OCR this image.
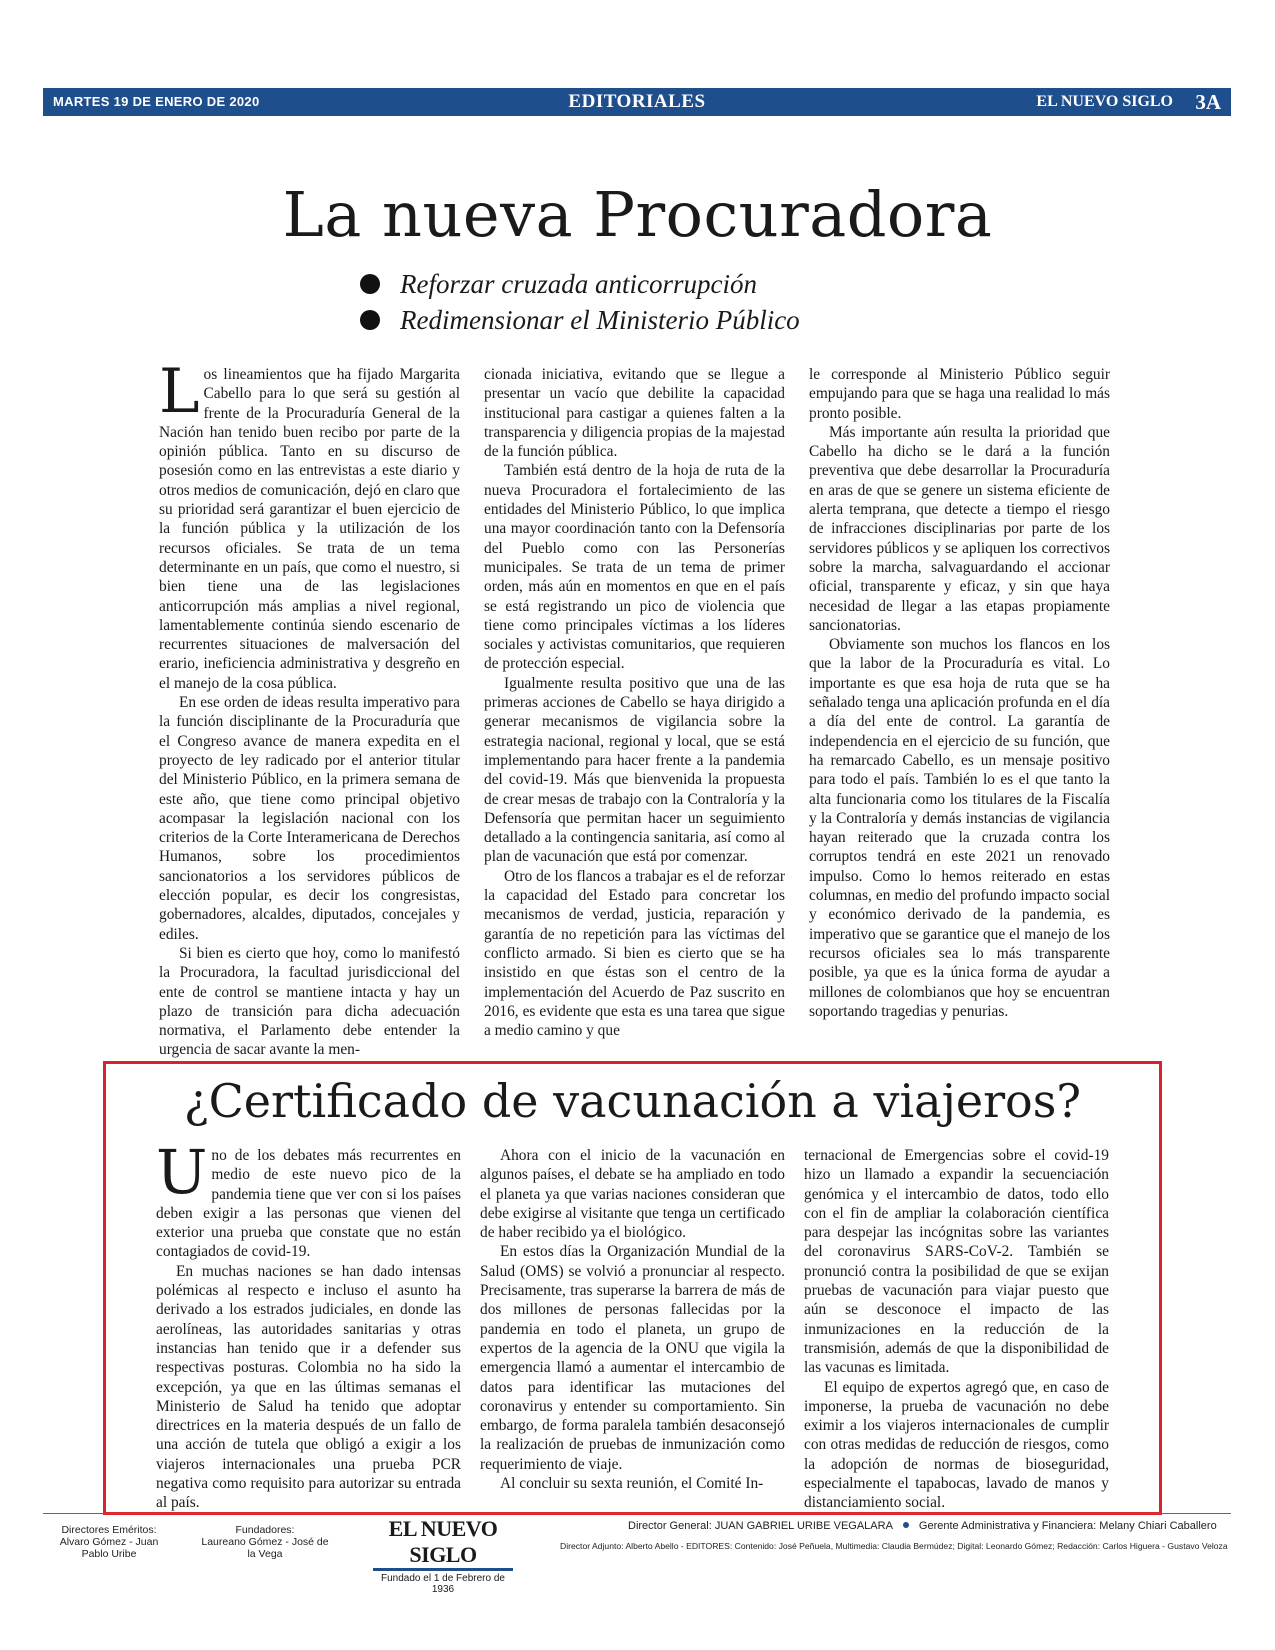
MARTES 19 DE ENERO DE 2020	EDITORIALES	EL NUEVO SIGLO 3A
La nueva Procuradora
Reforzar cruzada anticorrupción
Redimensionar el Ministerio Público

Los lineamientos que ha fijado Margarita Cabello para lo que será su gestión al frente de la Procuraduría General de la Nación han tenido buen recibo por parte de la opinión pública. Tanto en su discurso de posesión como en las entrevistas a este diario y otros medios de comunicación, dejó en claro que su prioridad será garantizar el buen ejercicio de la función pública y la utilización de los recursos oficiales. Se trata de un tema determinante en un país, que como el nuestro, si bien tiene una de las legislaciones anticorrupción más amplias a nivel regional, lamentablemente continúa siendo escenario de recurrentes situaciones de malversación del erario, ineficiencia administrativa y desgreño en el manejo de la cosa pública.

En ese orden de ideas resulta imperativo para la función disciplinante de la Procuraduría que el Congreso avance de manera expedita en el proyecto de ley radicado por el anterior titular del Ministerio Público, en la primera semana de este año, que tiene como principal objetivo acompasar la legislación nacional con los criterios de la Corte Interamericana de Derechos Humanos, sobre los procedimientos sancionatorios a los servidores públicos de elección popular, es decir los congresistas, gobernadores, alcaldes, diputados, concejales y ediles.

Si bien es cierto que hoy, como lo manifestó la Procuradora, la facultad jurisdiccional del ente de control se mantiene intacta y hay un plazo de transición para dicha adecuación normativa, el Parlamento debe entender la urgencia de sacar avante la men-

cionada iniciativa, evitando que se llegue a presentar un vacío que debilite la capacidad institucional para castigar a quienes falten a la transparencia y diligencia propias de la majestad de la función pública.

También está dentro de la hoja de ruta de la nueva Procuradora el fortalecimiento de las entidades del Ministerio Público, lo que implica una mayor coordinación tanto con la Defensoría del Pueblo como con las Personerías municipales. Se trata de un tema de primer orden, más aún en momentos en que en el país se está registrando un pico de violencia que tiene como principales víctimas a los líderes sociales y activistas comunitarios, que requieren de protección especial.

Igualmente resulta positivo que una de las primeras acciones de Cabello se haya dirigido a generar mecanismos de vigilancia sobre la estrategia nacional, regional y local, que se está implementando para hacer frente a la pandemia del covid-19. Más que bienvenida la propuesta de crear mesas de trabajo con la Contraloría y la Defensoría que permitan hacer un seguimiento detallado a la contingencia sanitaria, así como al plan de vacunación que está por comenzar.

Otro de los flancos a trabajar es el de reforzar la capacidad del Estado para concretar los mecanismos de verdad, justicia, reparación y garantía de no repetición para las víctimas del conflicto armado. Si bien es cierto que se ha insistido en que éstas son el centro de la implementación del Acuerdo de Paz suscrito en 2016, es evidente que esta es una tarea que sigue a medio camino y que

le corresponde al Ministerio Público seguir empujando para que se haga una realidad lo más pronto posible.

Más importante aún resulta la prioridad que Cabello ha dicho se le dará a la función preventiva que debe desarrollar la Procuraduría en aras de que se genere un sistema eficiente de alerta temprana, que detecte a tiempo el riesgo de infracciones disciplinarias por parte de los servidores públicos y se apliquen los correctivos sobre la marcha, salvaguardando el accionar oficial, transparente y eficaz, y sin que haya necesidad de llegar a las etapas propiamente sancionatorias.

Obviamente son muchos los flancos en los que la labor de la Procuraduría es vital. Lo importante es que esa hoja de ruta que se ha señalado tenga una aplicación profunda en el día a día del ente de control. La garantía de independencia en el ejercicio de su función, que ha remarcado Cabello, es un mensaje positivo para todo el país. También lo es el que tanto la alta funcionaria como los titulares de la Fiscalía y la Contraloría y demás instancias de vigilancia hayan reiterado que la cruzada contra los corruptos tendrá en este 2021 un renovado impulso. Como lo hemos reiterado en estas columnas, en medio del profundo impacto social y económico derivado de la pandemia, es imperativo que se garantice que el manejo de los recursos oficiales sea lo más transparente posible, ya que es la única forma de ayudar a millones de colombianos que hoy se encuentran soportando tragedias y penurias.

¿Certificado de vacunación a viajeros?

Uno de los debates más recurrentes en medio de este nuevo pico de la pandemia tiene que ver con si los países deben exigir a las personas que vienen del exterior una prueba que constate que no están contagiados de covid-19.

En muchas naciones se han dado intensas polémicas al respecto e incluso el asunto ha derivado a los estrados judiciales, en donde las aerolíneas, las autoridades sanitarias y otras instancias han tenido que ir a defender sus respectivas posturas. Colombia no ha sido la excepción, ya que en las últimas semanas el Ministerio de Salud ha tenido que adoptar directrices en la materia después de un fallo de una acción de tutela que obligó a exigir a los viajeros internacionales una prueba PCR negativa como requisito para autorizar su entrada al país.

Ahora con el inicio de la vacunación en algunos países, el debate se ha ampliado en todo el planeta ya que varias naciones consideran que debe exigirse al visitante que tenga un certificado de haber recibido ya el biológico.

En estos días la Organización Mundial de la Salud (OMS) se volvió a pronunciar al respecto. Precisamente, tras superarse la barrera de más de dos millones de personas fallecidas por la pandemia en todo el planeta, un grupo de expertos de la agencia de la ONU que vigila la emergencia llamó a aumentar el intercambio de datos para identificar las mutaciones del coronavirus y entender su comportamiento. Sin embargo, de forma paralela también desaconsejó la realización de pruebas de inmunización como requerimiento de viaje.

Al concluir su sexta reunión, el Comité In-

ternacional de Emergencias sobre el covid-19 hizo un llamado a expandir la secuenciación genómica y el intercambio de datos, todo ello con el fin de ampliar la colaboración científica para despejar las incógnitas sobre las variantes del coronavirus SARS-CoV-2. También se pronunció contra la posibilidad de que se exijan pruebas de vacunación para viajar puesto que aún se desconoce el impacto de las inmunizaciones en la reducción de la transmisión, además de que la disponibilidad de las vacunas es limitada.

El equipo de expertos agregó que, en caso de imponerse, la prueba de vacunación no debe eximir a los viajeros internacionales de cumplir con otras medidas de reducción de riesgos, como la adopción de normas de bioseguridad, especialmente el tapabocas, lavado de manos y distanciamiento social.

Directores Eméritos:
Alvaro Gómez - Juan Pablo Uribe
Fundadores:
Laureano Gómez - José de la Vega
EL NUEVO SIGLO
Fundado el 1 de Febrero de 1936
Director General: JUAN GABRIEL URIBE VEGALARA Gerente Administrativa y Financiera: Melany Chiari Caballero
Director Adjunto: Alberto Abello - EDITORES: Contenido: José Peñuela, Multimedia: Claudia Bermúdez; Digital: Leonardo Gómez; Redacción: Carlos Higuera - Gustavo Veloza
